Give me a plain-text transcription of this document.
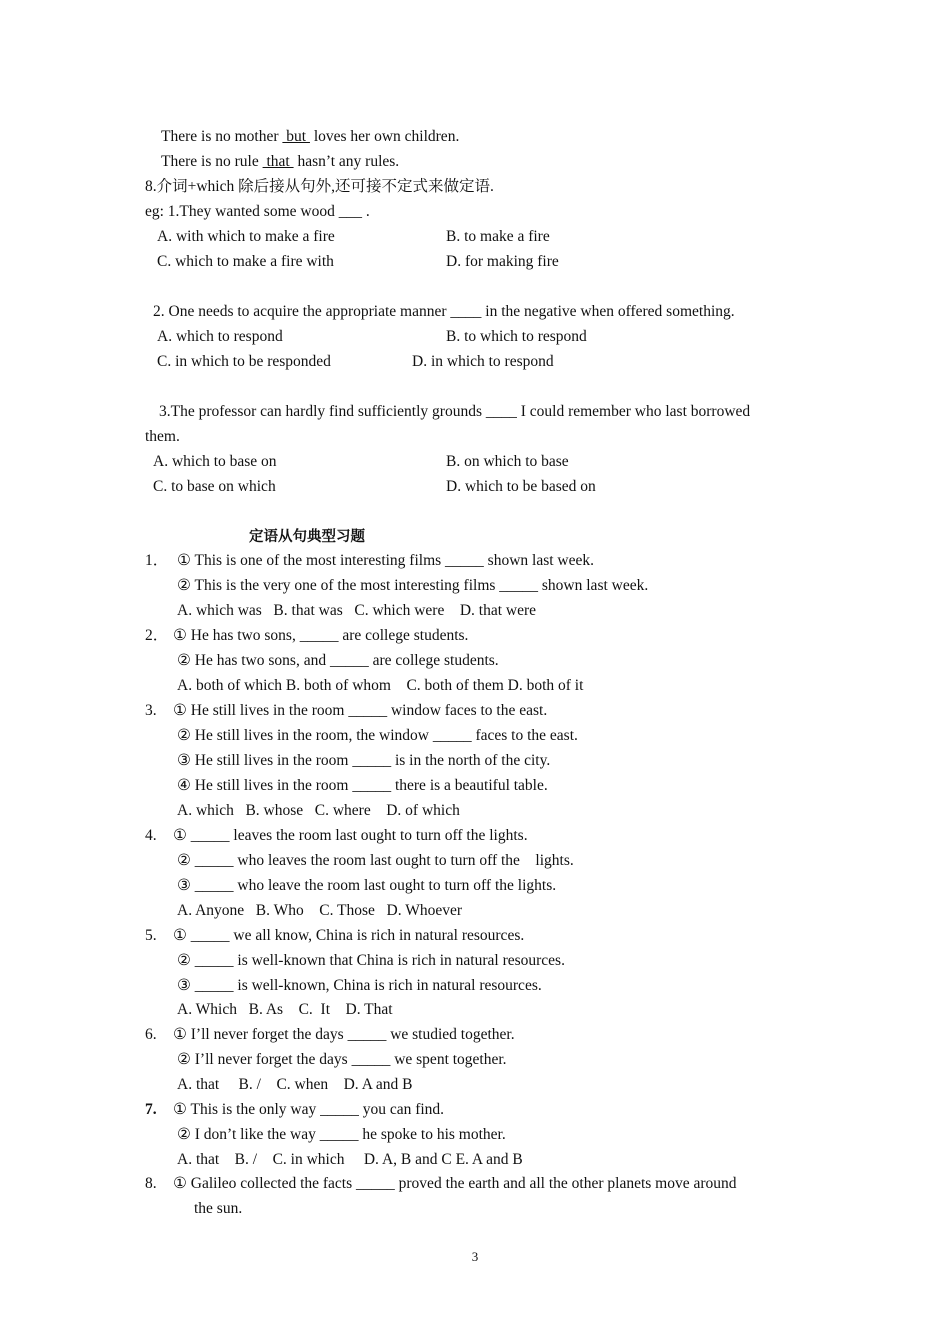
There is no mother  but  loves her own children.
There is no rule  that  hasn’t any rules.
8.介词+which 除后接从句外,还可接不定式来做定语.
eg: 1.They wanted some wood ___ .
A. with which to make a fire	B. to make a fire
C. which to make a fire with	D. for making fire
2. One needs to acquire the appropriate manner ____ in the negative when offered something.
A. which to respond	B. to which to respond
C. in which to be responded	D. in which to respond
3.The professor can hardly find sufficiently grounds ____ I could remember who last borrowed
them.
A. which to base on	B. on which to base
C. to base on which	D. which to be based on
定语从句典型习题
1． ① This is one of the most interesting films _____ shown last week.
② This is the very one of the most interesting films _____ shown last week.
A. which was   B. that was   C. which were    D. that were
2． ① He has two sons, _____ are college students.
② He has two sons, and _____ are college students.
A. both of which B. both of whom    C. both of them D. both of it
3. ① He still lives in the room _____ window faces to the east.
② He still lives in the room, the window _____ faces to the east.
③ He still lives in the room _____ is in the north of the city.
④ He still lives in the room _____ there is a beautiful table.
A. which   B. whose   C. where    D. of which
4. ① _____ leaves the room last ought to turn off the lights.
② _____ who leaves the room last ought to turn off the    lights.
③ _____ who leave the room last ought to turn off the lights.
A. Anyone   B. Who    C. Those   D. Whoever
5. ① _____ we all know, China is rich in natural resources.
② _____ is well-known that China is rich in natural resources.
③ _____ is well-known, China is rich in natural resources.
A. Which   B. As    C.  It    D. That
6. ① I’ll never forget the days _____ we studied together.
② I’ll never forget the days _____ we spent together.
A. that     B. /    C. when    D. A and B
7. ① This is the only way _____ you can find.
② I don’t like the way _____ he spoke to his mother.
A. that    B. /    C. in which     D. A, B and C E. A and B
8. ① Galileo collected the facts _____ proved the earth and all the other planets move around
the sun.
3
